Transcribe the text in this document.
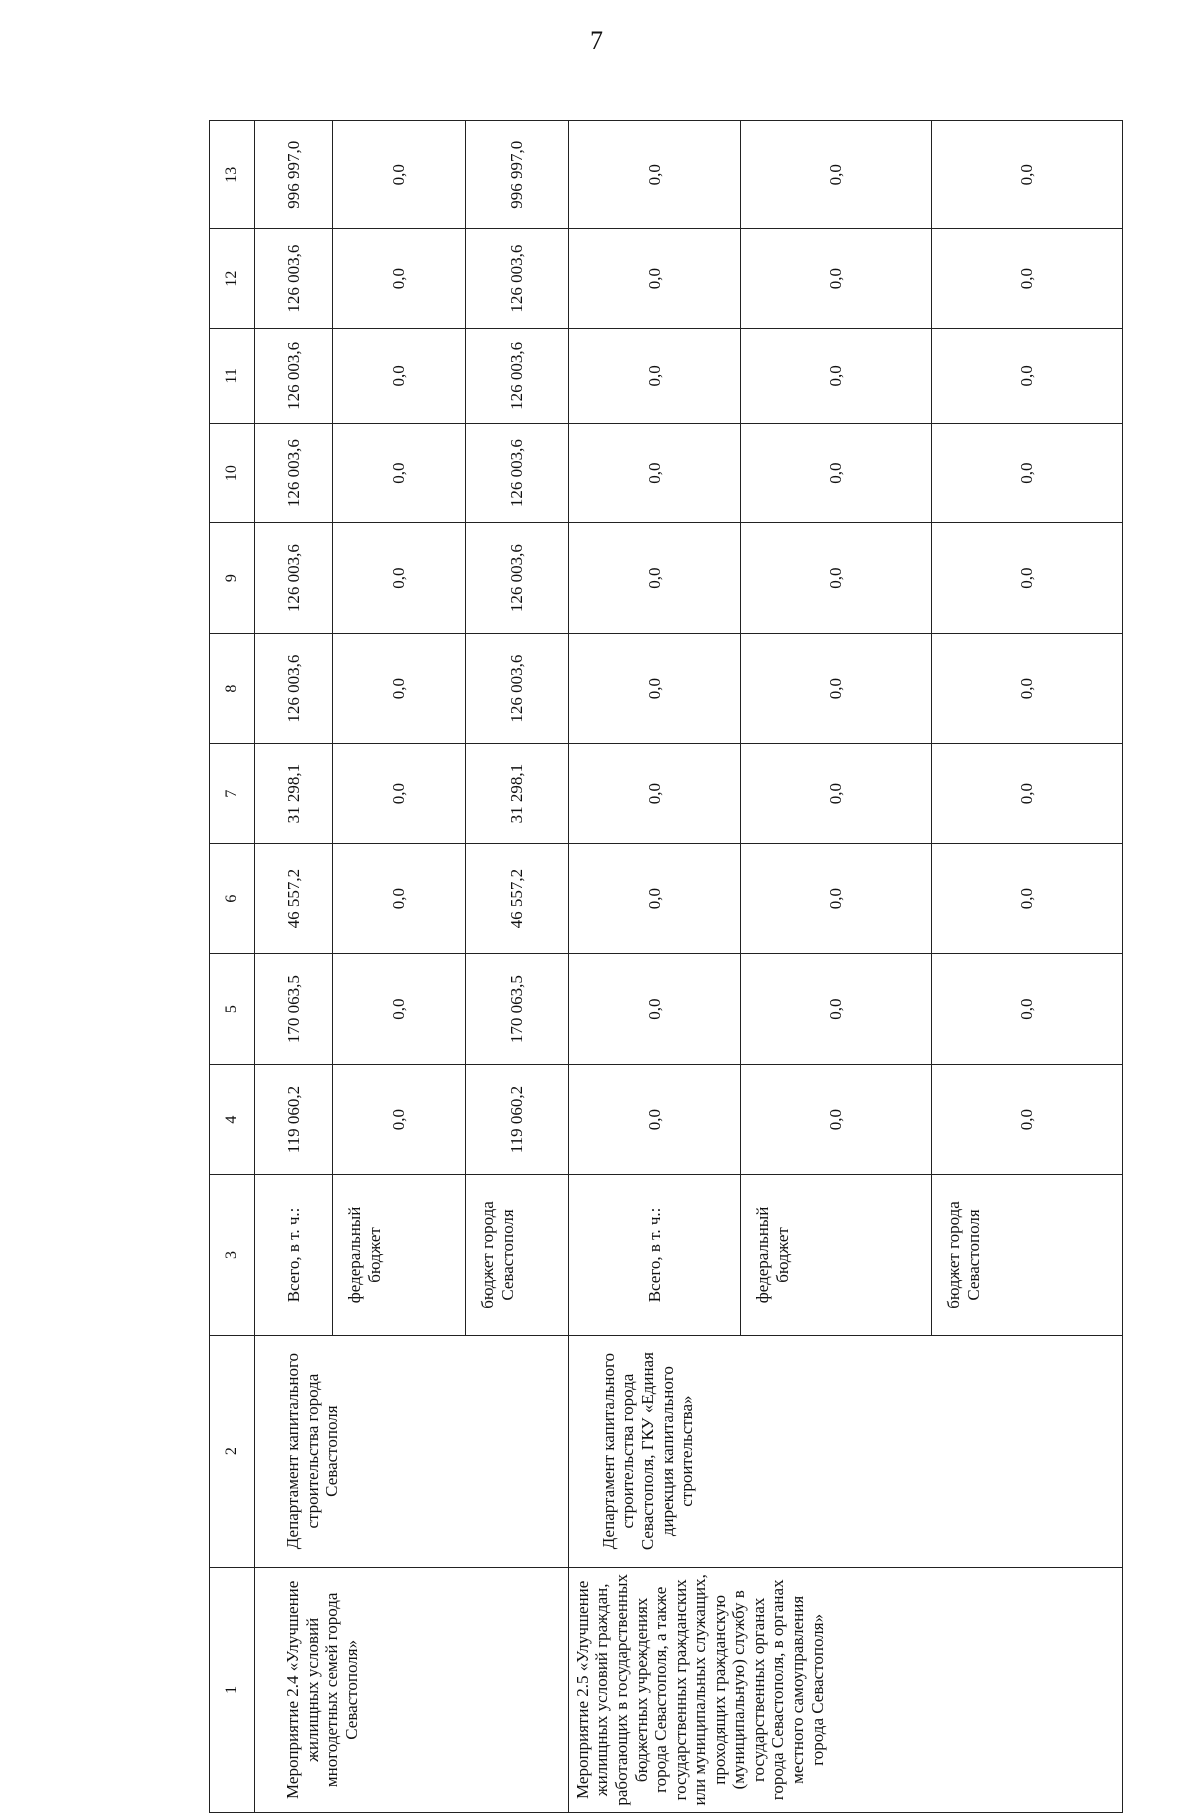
7
1	2	3	4	5	6	7	8	9	10	11	12	13
Мероприятие 2.4 «Улучшение жилищных условий многодетных семей города Севастополя»	Департамент капитального строительства города Севастополя	Всего, в т. ч.:	119 060,2	170 063,5	46 557,2	31 298,1	126 003,6	126 003,6	126 003,6	126 003,6	126 003,6	996 997,0
		федеральный бюджет	0,0	0,0	0,0	0,0	0,0	0,0	0,0	0,0	0,0	0,0
		бюджет города Севастополя	119 060,2	170 063,5	46 557,2	31 298,1	126 003,6	126 003,6	126 003,6	126 003,6	126 003,6	996 997,0
Мероприятие 2.5 «Улучшение жилищных условий граждан, работающих в государственных бюджетных учреждениях города Севастополя, а также государственных гражданских или муниципальных служащих, проходящих гражданскую (муниципальную) службу в государственных органах города Севастополя, в органах местного самоуправления города Севастополя»	Департамент капитального строительства города Севастополя, ГКУ «Единая дирекция капитального строительства»	Всего, в т. ч.:	0,0	0,0	0,0	0,0	0,0	0,0	0,0	0,0	0,0	0,0
		федеральный бюджет	0,0	0,0	0,0	0,0	0,0	0,0	0,0	0,0	0,0	0,0
		бюджет города Севастополя	0,0	0,0	0,0	0,0	0,0	0,0	0,0	0,0	0,0	0,0
